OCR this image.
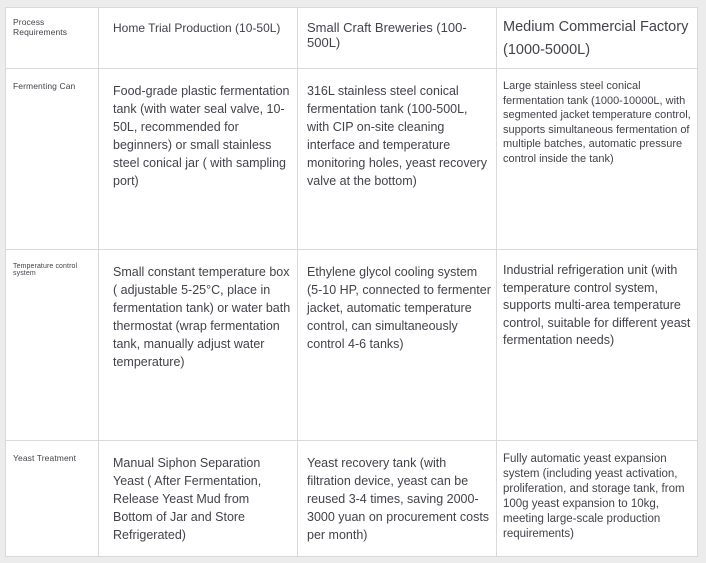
Process Requirements	Home Trial Production (10-50L)	Small Craft Breweries (100-500L)	Medium Commercial Factory (1000-5000L)
Fermenting Can	Food-grade plastic fermentation tank (with water seal valve, 10-50L, recommended for beginners) or small stainless steel conical jar ( with sampling port)	316L stainless steel conical fermentation tank (100-500L, with CIP on-site cleaning interface and temperature monitoring holes, yeast recovery valve at the bottom)	Large stainless steel conical fermentation tank (1000-10000L, with segmented jacket temperature control, supports simultaneous fermentation of multiple batches, automatic pressure control inside the tank)
Temperature control system	Small constant temperature box ( adjustable 5-25°C, place in fermentation tank) or water bath thermostat (wrap fermentation tank, manually adjust water temperature)	Ethylene glycol cooling system (5-10 HP, connected to fermenter jacket, automatic temperature control, can simultaneously control 4-6 tanks)	Industrial refrigeration unit (with temperature control system, supports multi-area temperature control, suitable for different yeast fermentation needs)
Yeast Treatment	Manual Siphon Separation Yeast ( After Fermentation, Release Yeast Mud from Bottom of Jar and Store Refrigerated)	Yeast recovery tank (with filtration device, yeast can be reused 3-4 times, saving 2000-3000 yuan on procurement costs per month)	Fully automatic yeast expansion system (including yeast activation, proliferation, and storage tank, from 100g yeast expansion to 10kg, meeting large-scale production requirements)
